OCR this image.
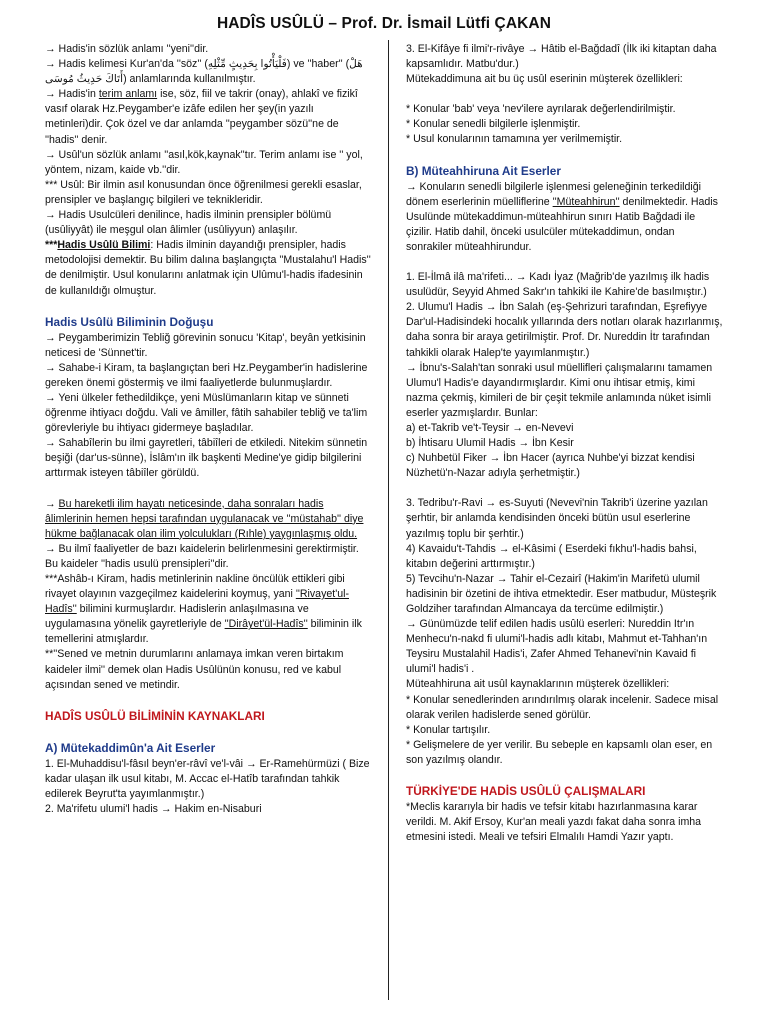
HADÎS USÛLÜ – Prof. Dr. İsmail Lütfi ÇAKAN

→ Hadis'in sözlük anlamı ''yeni''dir.

→ Hadis kelimesi Kur'an'da ''söz'' (فَلْيَأْتُوا بِحَدِيثٍ مِّثْلِهِ) ve ''haber'' (هَلْ أَتَاكَ حَدِيثُ مُوسَى) anlamlarında kullanılmıştır.

→ Hadis'in terim anlamı ise, söz, fiil ve takrir (onay), ahlakî ve fizikî vasıf olarak Hz.Peygamber'e izâfe edilen her şey(in yazılı metinleri)dir. Çok özel ve dar anlamda ''peygamber sözü''ne de ''hadis'' denir.

→ Usûl'un sözlük anlamı ''asıl,kök,kaynak''tır. Terim anlamı ise '' yol, yöntem, nizam, kaide vb.''dir.

*** Usûl: Bir ilmin asıl konusundan önce öğrenilmesi gerekli esaslar, prensipler ve başlangıç bilgileri ve teknikleridir.

→ Hadis Usulcüleri denilince, hadis ilminin prensipler bölümü (usûliyyât) ile meşgul olan âlimler (usûliyyun) anlaşılır.

***Hadis Usûlü Bilimi: Hadis ilminin dayandığı prensipler, hadis metodolojisi demektir. Bu bilim dalına başlangıçta ''Mustalahu'l Hadis'' de denilmiştir. Usul konularını anlatmak için Ulûmu'l-hadis ifadesinin de kullanıldığı olmuştur.

Hadis Usûlü Biliminin Doğuşu

→ Peygamberimizin Tebliğ görevinin sonucu 'Kitap', beyân yetkisinin neticesi de 'Sünnet'tir.

→ Sahabe-i Kiram, ta başlangıçtan beri Hz.Peygamber'in hadislerine gereken önemi göstermiş ve ilmi faaliyetlerde bulunmuşlardır.

→ Yeni ülkeler fethedildikçe, yeni Müslümanların kitap ve sünneti öğrenme ihtiyacı doğdu. Vali ve âmiller, fâtih sahabiler tebliğ ve ta'lim görevleriyle bu ihtiyacı gidermeye başladılar.

→ Sahabîlerin bu ilmi gayretleri, tâbiîleri de etkiledi. Nitekim sünnetin beşiği (dar'us-sünne), İslâm'ın ilk başkenti Medine'ye gidip bilgilerini arttırmak isteyen tâbiîler görüldü.

→ Bu hareketli ilim hayatı neticesinde, daha sonraları hadis âlimlerinin hemen hepsi tarafından uygulanacak ve ''müstahab'' diye hükme bağlanacak olan ilim yolculukları (Rıhle) yaygınlaşmış oldu.

→ Bu ilmî faaliyetler de bazı kaidelerin belirlenmesini gerektirmiştir. Bu kaideler ''hadis usulü prensipleri''dir.

***Ashâb-ı Kiram, hadis metinlerinin nakline öncülük ettikleri gibi rivayet olayının vazgeçilmez kaidelerini koymuş, yani ''Rivayet'ul-Hadîs'' bilimini kurmuşlardır. Hadislerin anlaşılmasına ve uygulamasına yönelik gayretleriyle de ''Dirâyet'ül-Hadîs'' biliminin ilk temellerini atmışlardır.

**''Sened ve metnin durumlarını anlamaya imkan veren birtakım kaideler ilmi'' demek olan Hadis Usûlünün konusu, red ve kabul açısından sened ve metindir.

HADÎS USÛLÜ BİLİMİNİN KAYNAKLARI
A) Mütekaddimûn'a Ait Eserler

1. El-Muhaddisu'l-fâsıl beyn'er-râvî ve'l-vâi → Er-Ramehürmüzi ( Bize kadar ulaşan ilk usul kitabı, M. Accac el-Hatîb tarafından tahkik edilerek Beyrut'ta yayımlanmıştır.)

2. Ma'rifetu ulumi'l hadis → Hakim en-Nisaburi

3. El-Kifâye fi ilmi'r-rivâye → Hâtib el-Bağdadî (İlk iki kitaptan daha kapsamlıdır. Matbu'dur.)

Mütekaddimuna ait bu üç usûl eserinin müşterek özellikleri:

* Konular 'bab' veya 'nev'ilere ayrılarak değerlendirilmiştir.

* Konular senedli bilgilerle işlenmiştir.

* Usul konularının tamamına yer verilmemiştir.

B) Müteahhiruna Ait Eserler

→ Konuların senedli bilgilerle işlenmesi geleneğinin terkedildiği dönem eserlerinin müelliflerine ''Müteahhirun'' denilmektedir. Hadis Usulünde mütekaddimun-müteahhirun sınırı Hatib Bağdadi ile çizilir. Hatib dahil, önceki usulcüler mütekaddimun, ondan sonrakiler müteahhirundur.

1. El-İlmâ ilâ ma'rifeti... → Kadı İyaz (Mağrib'de yazılmış ilk hadis usulüdür, Seyyid Ahmed Sakr'ın tahkiki ile Kahire'de basılmıştır.)

2. Ulumu'l Hadis → İbn Salah (eş-Şehrizuri tarafından, Eşrefiyye Dar'ul-Hadisindeki hocalık yıllarında ders notları olarak hazırlanmış, daha sonra bir araya getirilmiştir. Prof. Dr. Nureddin İtr tarafından tahkikli olarak Halep'te yayımlanmıştır.)

→ İbnu's-Salah'tan sonraki usul müellifleri çalışmalarını tamamen Ulumu'l Hadis'e dayandırmışlardır. Kimi onu ihtisar etmiş, kimi nazma çekmiş, kimileri de bir çeşit tekmile anlamında nüket isimli eserler yazmışlardır. Bunlar:

a) et-Takrib ve't-Teysir → en-Nevevi

b) İhtisaru Ulumil Hadis → İbn Kesir

c) Nuhbetül Fiker → İbn Hacer (ayrıca Nuhbe'yi bizzat kendisi Nüzhetü'n-Nazar adıyla şerhetmiştir.)

3. Tedribu'r-Ravi → es-Suyuti (Nevevi'nin Takrib'i üzerine yazılan şerhtir, bir anlamda kendisinden önceki bütün usul eserlerine yazılmış toplu bir şerhtir.)

4) Kavaidu't-Tahdis → el-Kâsimi ( Eserdeki fıkhu'l-hadis bahsi, kitabın değerini arttırmıştır.)

5) Tevcihu'n-Nazar → Tahir el-Cezairî (Hakim'in Marifetü ulumil hadisinin bir özetini de ihtiva etmektedir. Eser matbudur, Müsteşrik Goldziher tarafından Almancaya da tercüme edilmiştir.)

→ Günümüzde telif edilen hadis usûlü eserleri: Nureddin Itr'ın Menhecu'n-nakd fi ulumi'l-hadis adlı kitabı, Mahmut et-Tahhan'ın Teysiru Mustalahil Hadis'i, Zafer Ahmed Tehanevi'nin Kavaid fi ulumi'l hadis'i .

Müteahhiruna ait usûl kaynaklarının müşterek özellikleri:

* Konular senedlerinden arındırılmış olarak incelenir. Sadece misal olarak verilen hadislerde sened görülür.

* Konular tartışılır.

* Gelişmelere de yer verilir. Bu sebeple en kapsamlı olan eser, en son yazılmış olandır.

TÜRKİYE'DE HADİS USÛLÜ ÇALIŞMALARI

*Meclis kararıyla bir hadis ve tefsir kitabı hazırlanmasına karar verildi. M. Akif Ersoy, Kur'an meali yazdı fakat daha sonra imha etmesini istedi. Meali ve tefsiri Elmalılı Hamdi Yazır yaptı.
